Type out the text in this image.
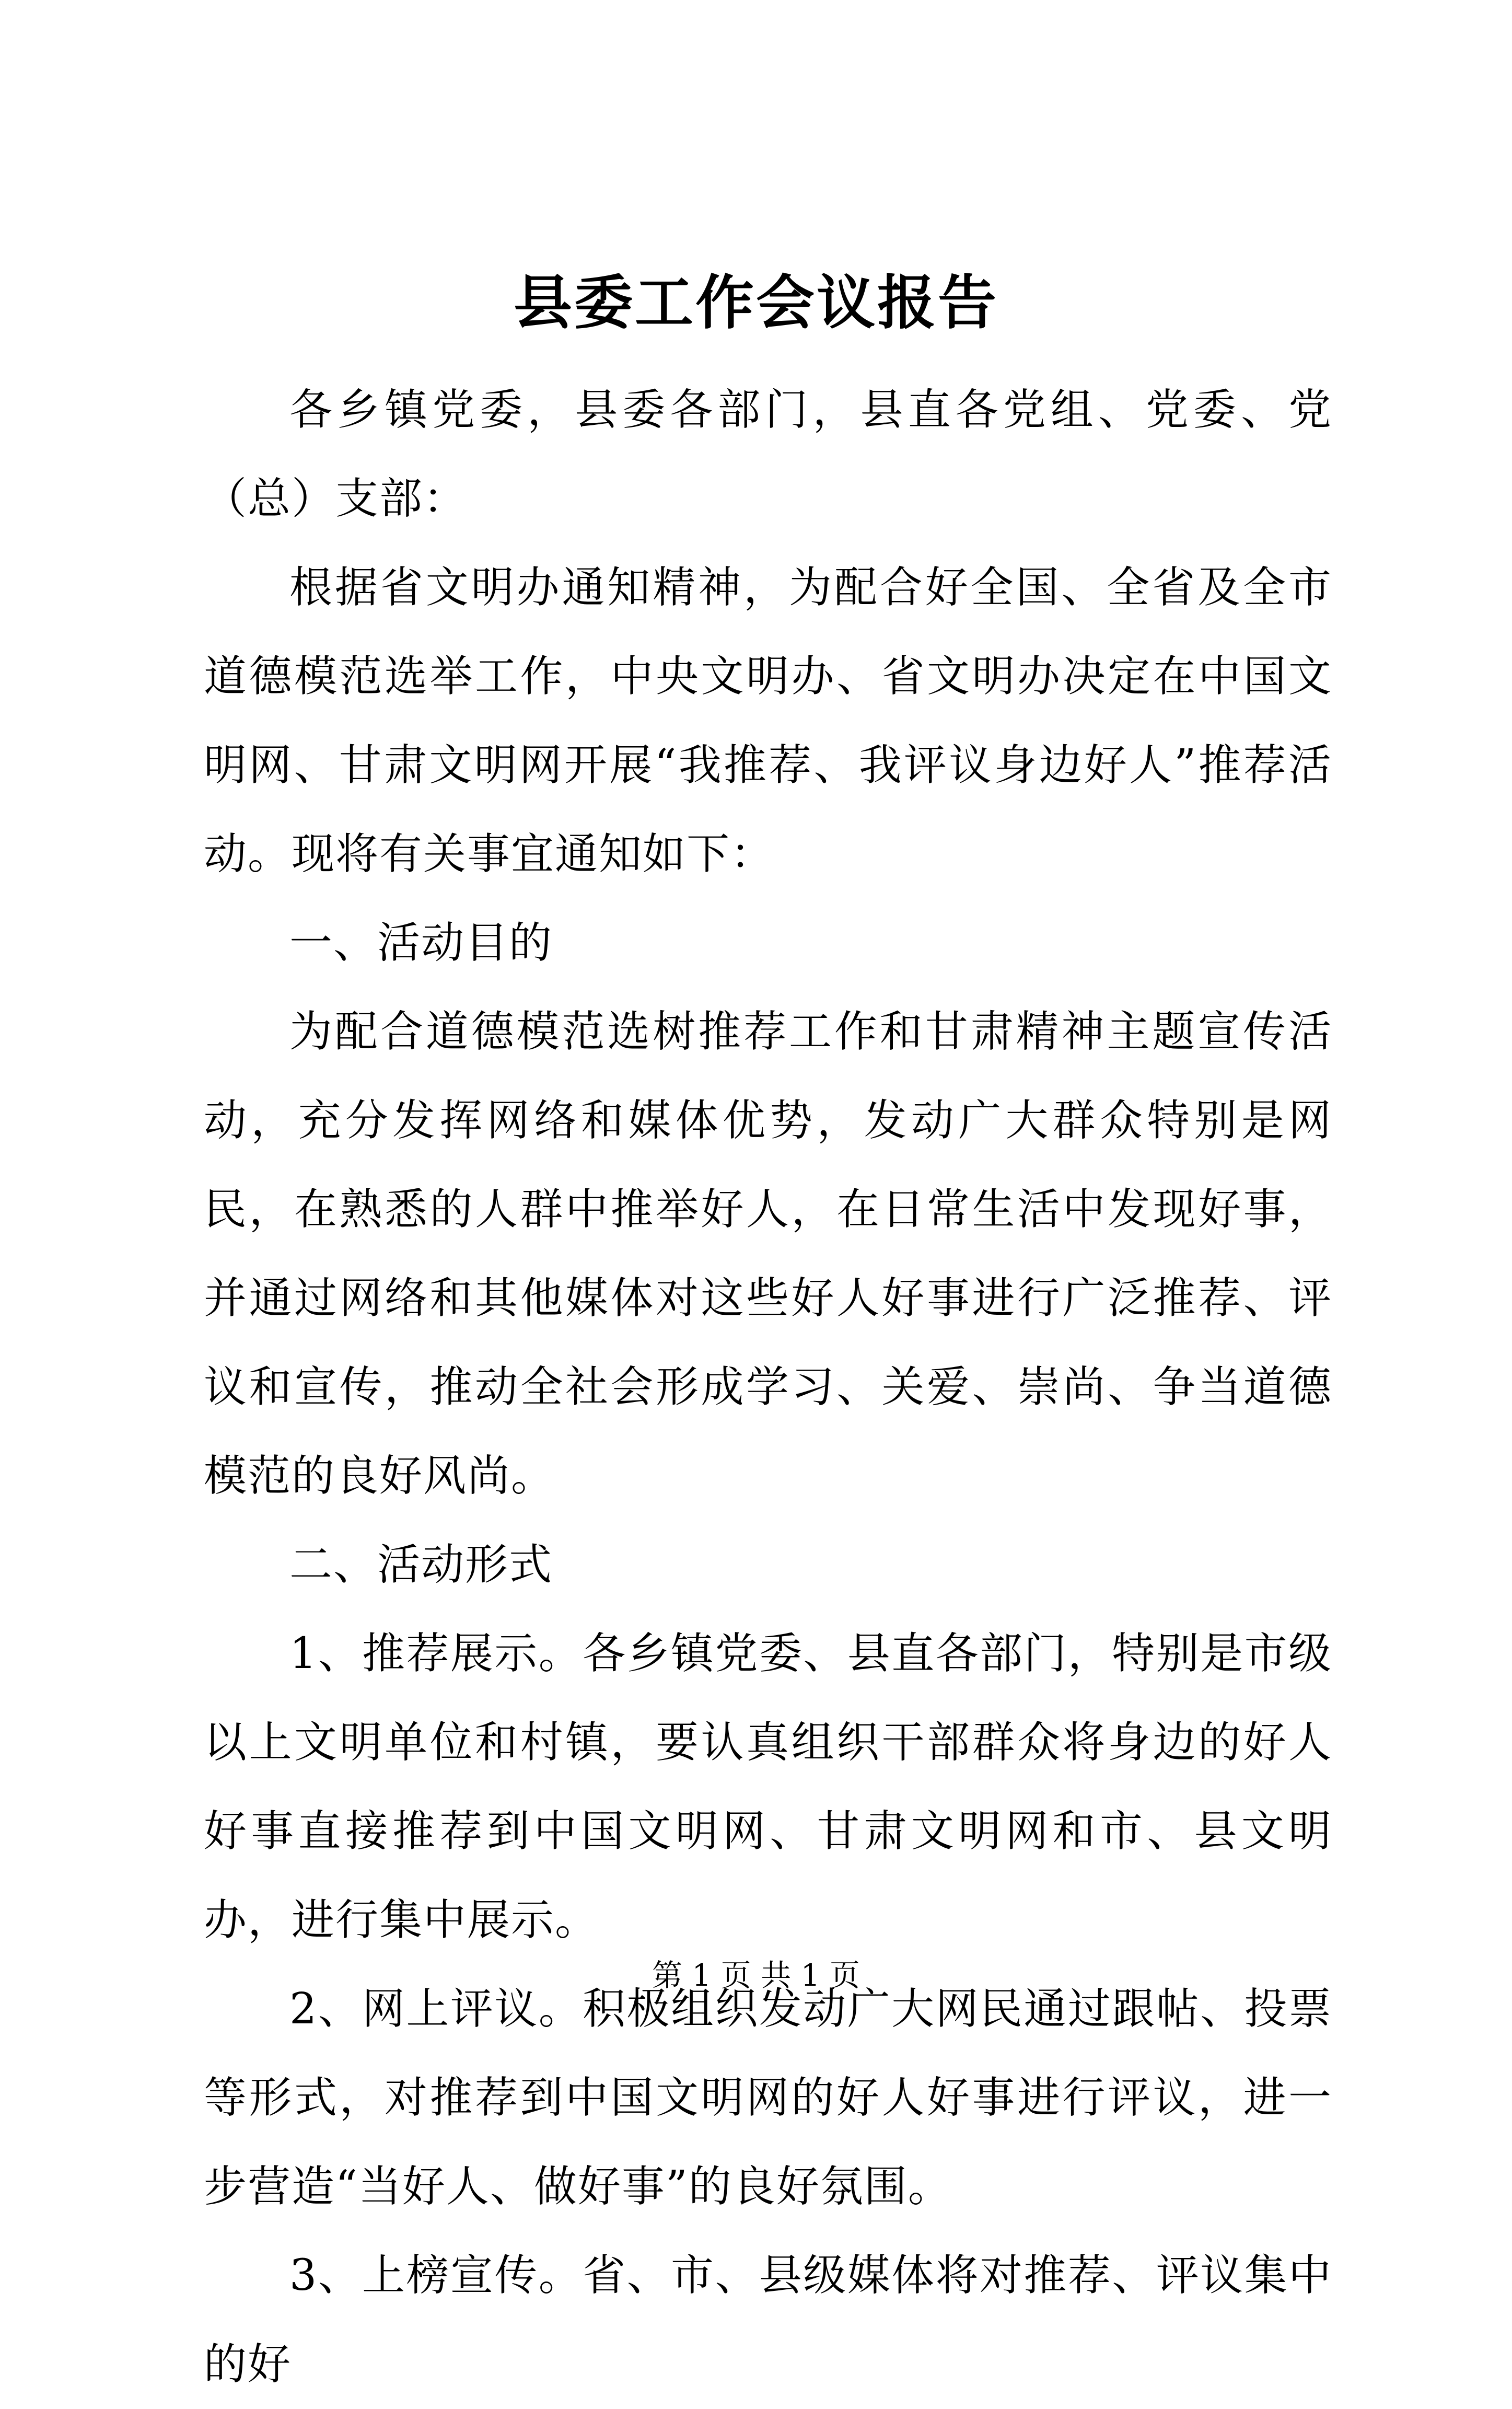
县委工作会议报告

各乡镇党委，县委各部门，县直各党组、党委、党（总）支部：

根据省文明办通知精神，为配合好全国、全省及全市道德模范选举工作，中央文明办、省文明办决定在中国文明网、甘肃文明网开展“我推荐、我评议身边好人”推荐活动。现将有关事宜通知如下：

一、活动目的

为配合道德模范选树推荐工作和甘肃精神主题宣传活动，充分发挥网络和媒体优势，发动广大群众特别是网民，在熟悉的人群中推举好人，在日常生活中发现好事，并通过网络和其他媒体对这些好人好事进行广泛推荐、评议和宣传，推动全社会形成学习、关爱、崇尚、争当道德模范的良好风尚。

二、活动形式

1、推荐展示。各乡镇党委、县直各部门，特别是市级以上文明单位和村镇，要认真组织干部群众将身边的好人好事直接推荐到中国文明网、甘肃文明网和市、县文明办，进行集中展示。

2、网上评议。积极组织发动广大网民通过跟帖、投票等形式，对推荐到中国文明网的好人好事进行评议，进一步营造“当好人、做好事”的良好氛围。

3、上榜宣传。省、市、县级媒体将对推荐、评议集中的好

第 1 页 共 1 页
